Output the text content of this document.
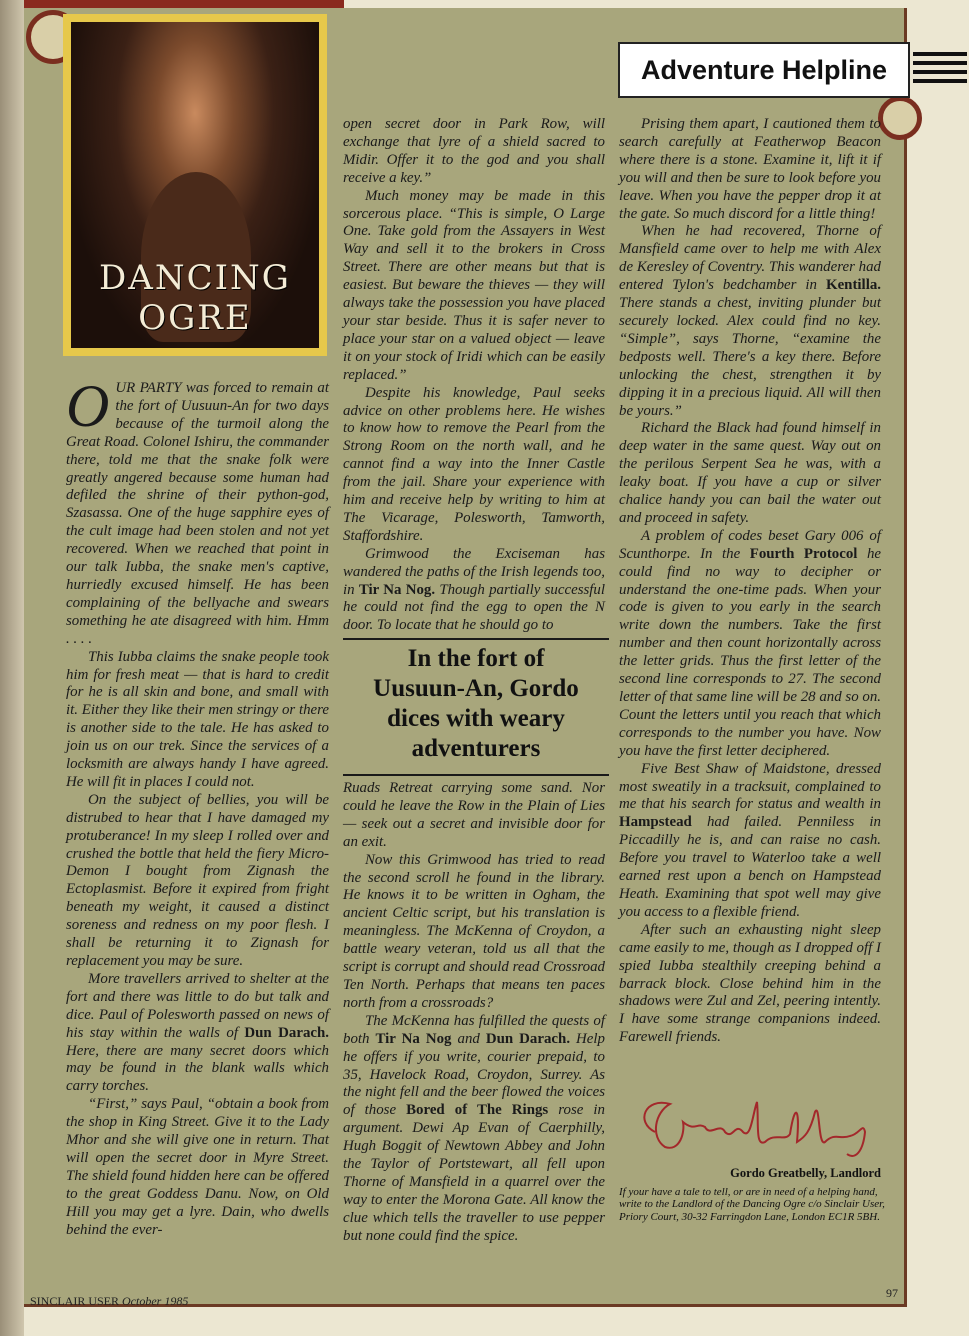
DANCING
OGRE
Adventure Helpline

OUR PARTY was forced to remain at the fort of Uusuun-An for two days because of the turmoil along the Great Road. Colonel Ishiru, the commander there, told me that the snake folk were greatly angered because some human had defiled the shrine of their python-god, Szasassa. One of the huge sapphire eyes of the cult image had been stolen and not yet recovered. When we reached that point in our talk Iubba, the snake men's captive, hurriedly excused himself. He has been complaining of the bellyache and swears something he ate disagreed with him. Hmm . . . .

This Iubba claims the snake people took him for fresh meat — that is hard to credit for he is all skin and bone, and small with it. Either they like their men stringy or there is another side to the tale. He has asked to join us on our trek. Since the services of a locksmith are always handy I have agreed. He will fit in places I could not.

On the subject of bellies, you will be distrubed to hear that I have damaged my protuberance! In my sleep I rolled over and crushed the bottle that held the fiery Micro-Demon I bought from Zignash the Ectoplasmist. Before it expired from fright beneath my weight, it caused a distinct soreness and redness on my poor flesh. I shall be returning it to Zignash for replacement you may be sure.

More travellers arrived to shelter at the fort and there was little to do but talk and dice. Paul of Polesworth passed on news of his stay within the walls of Dun Darach. Here, there are many secret doors which may be found in the blank walls which carry torches.

“First,” says Paul, “obtain a book from the shop in King Street. Give it to the Lady Mhor and she will give one in return. That will open the secret door in Myre Street. The shield found hidden here can be offered to the great Goddess Danu. Now, on Old Hill you may get a lyre. Dain, who dwells behind the ever-

open secret door in Park Row, will exchange that lyre of a shield sacred to Midir. Offer it to the god and you shall receive a key.”

Much money may be made in this sorcerous place. “This is simple, O Large One. Take gold from the Assayers in West Way and sell it to the brokers in Cross Street. There are other means but that is easiest. But beware the thieves — they will always take the possession you have placed your star beside. Thus it is safer never to place your star on a valued object — leave it on your stock of Iridi which can be easily replaced.”

Despite his knowledge, Paul seeks advice on other problems here. He wishes to know how to remove the Pearl from the Strong Room on the north wall, and he cannot find a way into the Inner Castle from the jail. Share your experience with him and receive help by writing to him at The Vicarage, Polesworth, Tamworth, Staffordshire.

Grimwood the Exciseman has wandered the paths of the Irish legends too, in Tir Na Nog. Though partially successful he could not find the egg to open the N door. To locate that he should go to

In the fort of
Uusuun-An, Gordo
dices with weary
adventurers

Ruads Retreat carrying some sand. Nor could he leave the Row in the Plain of Lies — seek out a secret and invisible door for an exit.

Now this Grimwood has tried to read the second scroll he found in the library. He knows it to be written in Ogham, the ancient Celtic script, but his translation is meaningless. The McKenna of Croydon, a battle weary veteran, told us all that the script is corrupt and should read Crossroad Ten North. Perhaps that means ten paces north from a crossroads?

The McKenna has fulfilled the quests of both Tir Na Nog and Dun Darach. Help he offers if you write, courier prepaid, to 35, Havelock Road, Croydon, Surrey. As the night fell and the beer flowed the voices of those Bored of The Rings rose in argument. Dewi Ap Evan of Caerphilly, Hugh Boggit of Newtown Abbey and John the Taylor of Portstewart, all fell upon Thorne of Mansfield in a quarrel over the way to enter the Morona Gate. All know the clue which tells the traveller to use pepper but none could find the spice.

Prising them apart, I cautioned them to search carefully at Featherwop Beacon where there is a stone. Examine it, lift it if you will and then be sure to look before you leave. When you have the pepper drop it at the gate. So much discord for a little thing!

When he had recovered, Thorne of Mansfield came over to help me with Alex de Keresley of Coventry. This wanderer had entered Tylon's bedchamber in Kentilla. There stands a chest, inviting plunder but securely locked. Alex could find no key. “Simple”, says Thorne, “examine the bedposts well. There's a key there. Before unlocking the chest, strengthen it by dipping it in a precious liquid. All will then be yours.”

Richard the Black had found himself in deep water in the same quest. Way out on the perilous Serpent Sea he was, with a leaky boat. If you have a cup or silver chalice handy you can bail the water out and proceed in safety.

A problem of codes beset Gary 006 of Scunthorpe. In the Fourth Protocol he could find no way to decipher or understand the one-time pads. When your code is given to you early in the search write down the numbers. Take the first number and then count horizontally across the letter grids. Thus the first letter of the second line corresponds to 27. The second letter of that same line will be 28 and so on. Count the letters until you reach that which corresponds to the number you have. Now you have the first letter deciphered.

Five Best Shaw of Maidstone, dressed most sweatily in a tracksuit, complained to me that his search for status and wealth in Hampstead had failed. Penniless in Piccadilly he is, and can raise no cash. Before you travel to Waterloo take a well earned rest upon a bench on Hampstead Heath. Examining that spot well may give you access to a flexible friend.

After such an exhausting night sleep came easily to me, though as I dropped off I spied Iubba stealthily creeping behind a barrack block. Close behind him in the shadows were Zul and Zel, peering intently. I have some strange companions indeed. Farewell friends.

Gordo Greatbelly, Landlord
If your have a tale to tell, or are in need of a helping hand, write to the Landlord of the Dancing Ogre c/o Sinclair User, Priory Court, 30-32 Farringdon Lane, London EC1R 5BH.
SINCLAIR USER October 1985
97
